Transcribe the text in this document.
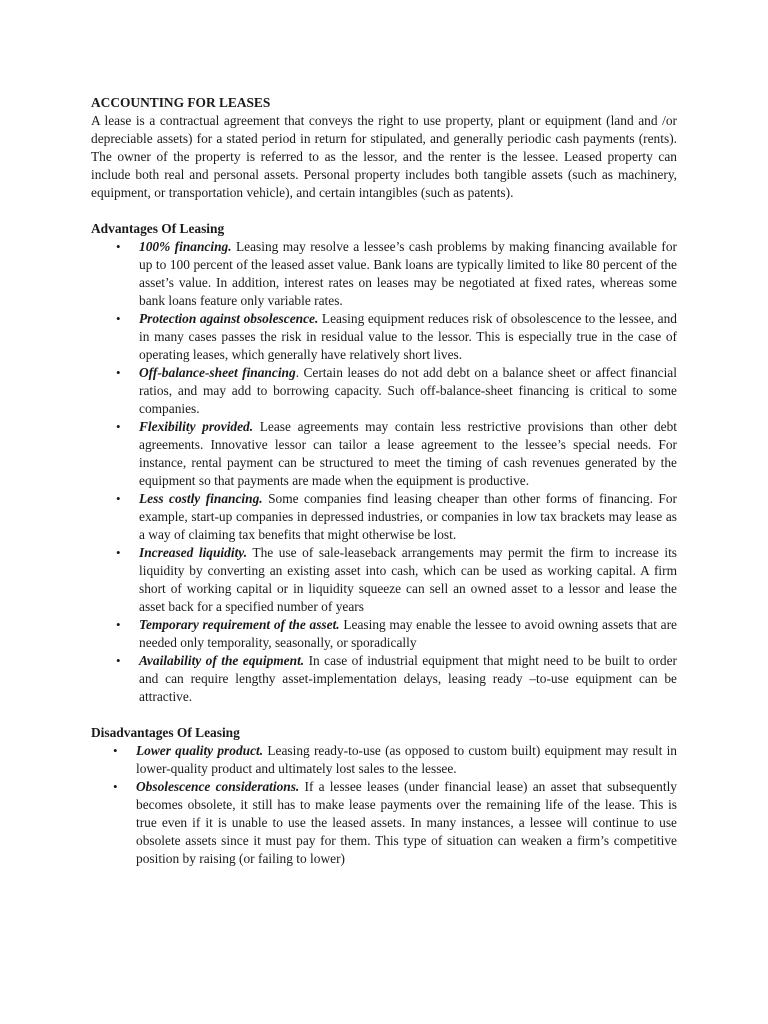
ACCOUNTING FOR LEASES

A lease is a contractual agreement that conveys the right to use property, plant or equipment (land and /or depreciable assets) for a stated period in return for stipulated, and generally periodic cash payments (rents). The owner of the property is referred to as the lessor, and the renter is the lessee. Leased property can include both real and personal assets. Personal property includes both tangible assets (such as machinery, equipment, or transportation vehicle), and certain intangibles (such as patents).

Advantages Of Leasing
• 100% financing. Leasing may resolve a lessee’s cash problems by making financing available for up to 100 percent of the leased asset value. Bank loans are typically limited to like 80 percent of the asset’s value. In addition, interest rates on leases may be negotiated at fixed rates, whereas some bank loans feature only variable rates.
• Protection against obsolescence. Leasing equipment reduces risk of obsolescence to the lessee, and in many cases passes the risk in residual value to the lessor. This is especially true in the case of operating leases, which generally have relatively short lives.
• Off-balance-sheet financing. Certain leases do not add debt on a balance sheet or affect financial ratios, and may add to borrowing capacity. Such off-balance-sheet financing is critical to some companies.
• Flexibility provided. Lease agreements may contain less restrictive provisions than other debt agreements. Innovative lessor can tailor a lease agreement to the lessee’s special needs. For instance, rental payment can be structured to meet the timing of cash revenues generated by the equipment so that payments are made when the equipment is productive.
• Less costly financing. Some companies find leasing cheaper than other forms of financing. For example, start-up companies in depressed industries, or companies in low tax brackets may lease as a way of claiming tax benefits that might otherwise be lost.
• Increased liquidity. The use of sale-leaseback arrangements may permit the firm to increase its liquidity by converting an existing asset into cash, which can be used as working capital. A firm short of working capital or in liquidity squeeze can sell an owned asset to a lessor and lease the asset back for a specified number of years
• Temporary requirement of the asset. Leasing may enable the lessee to avoid owning assets that are needed only temporality, seasonally, or sporadically
• Availability of the equipment. In case of industrial equipment that might need to be built to order and can require lengthy asset-implementation delays, leasing ready –to-use equipment can be attractive.
Disadvantages Of Leasing
• Lower quality product. Leasing ready-to-use (as opposed to custom built) equipment may result in lower-quality product and ultimately lost sales to the lessee.
• Obsolescence considerations. If a lessee leases (under financial lease) an asset that subsequently becomes obsolete, it still has to make lease payments over the remaining life of the lease. This is true even if it is unable to use the leased assets. In many instances, a lessee will continue to use obsolete assets since it must pay for them. This type of situation can weaken a firm’s competitive position by raising (or failing to lower)
